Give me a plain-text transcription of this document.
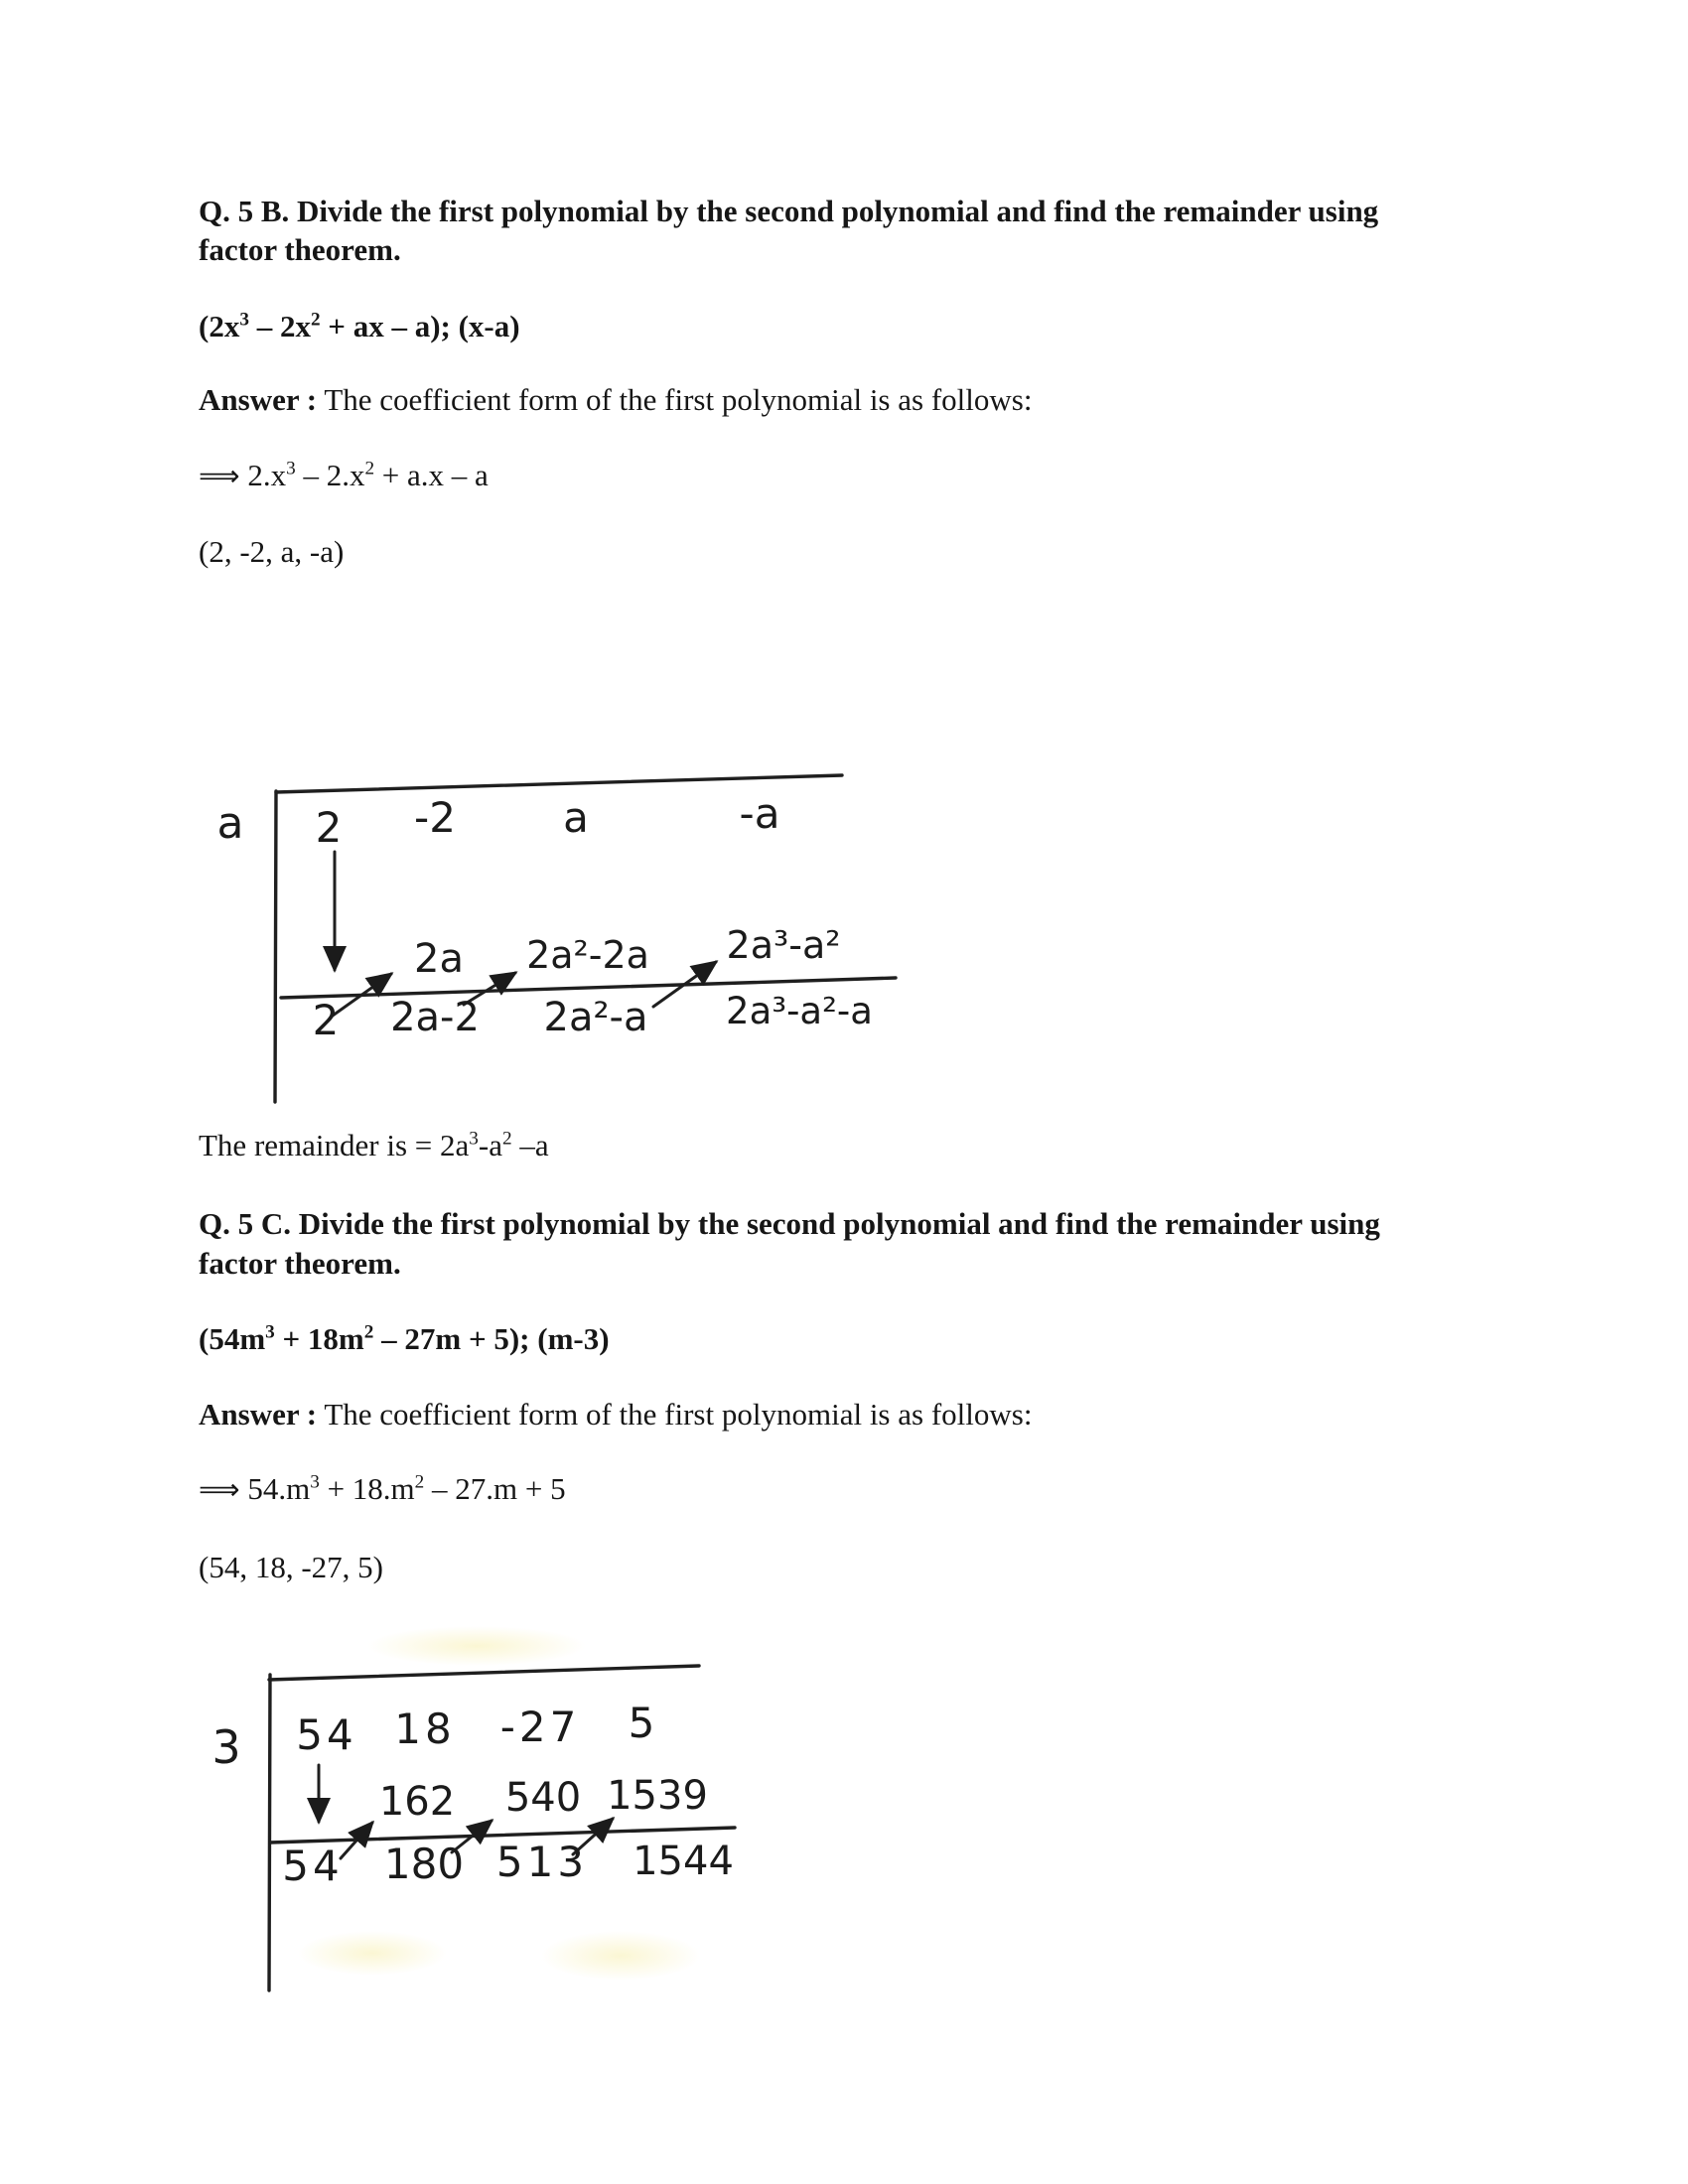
Q. 5 B. Divide the first polynomial by the second polynomial and find the remainder using
factor theorem.
($2x^3 - 2x^2$ + ax – a); (x-a)
Answer : The coefficient form of the first polynomial is as follows:
⟹ $2.x^3 - 2.x^2 + a.x - a$
(2, -2, a, -a)
a 2 -2	a	-a
2a 2a²-2a 2a³-a²
2 2a-2 2a²-a 2a³-a²-a
The remainder is = $2a^3-a^2$ –a
Q. 5 C. Divide the first polynomial by the second polynomial and find the remainder using
factor theorem.
$(54m^3 + 18m^2 - 27m + 5)$; (m-3)
Answer : The coefficient form of the first polynomial is as follows:
⟹ $54.m^3 + 18.m^2 - 27.m + 5$
(54, 18, -27, 5)
3 54 18 -27 5
162 540 1539
54 180 513 1544
